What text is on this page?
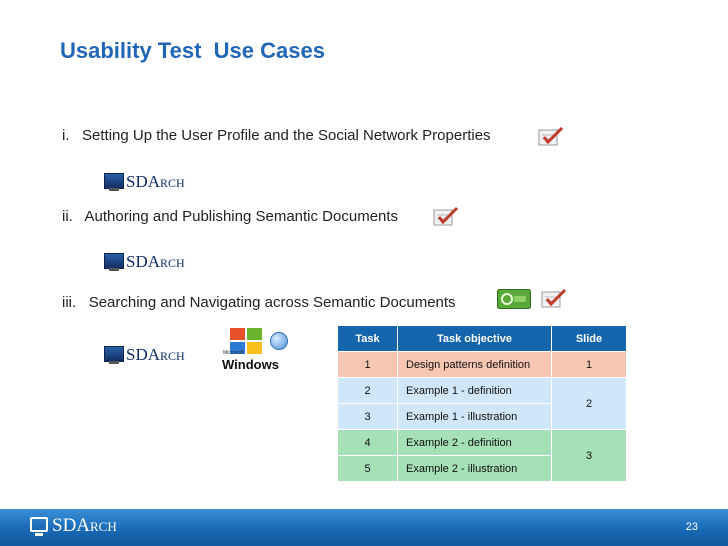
Usability Test  Use Cases
i. Setting Up the User Profile and the Social Network Properties
SDARCH
ii. Authoring and Publishing Semantic Documents
SDARCH
iii. Searching and Navigating across Semantic Documents
SDARCH	Microsoft
Windows
Task	Task objective	Slide
1	Design patterns definition	1
2	Example 1 - definition	2
3	Example 1 - illustration	
4	Example 2 - definition	3
5	Example 2 - illustration	
SDARCH	23
